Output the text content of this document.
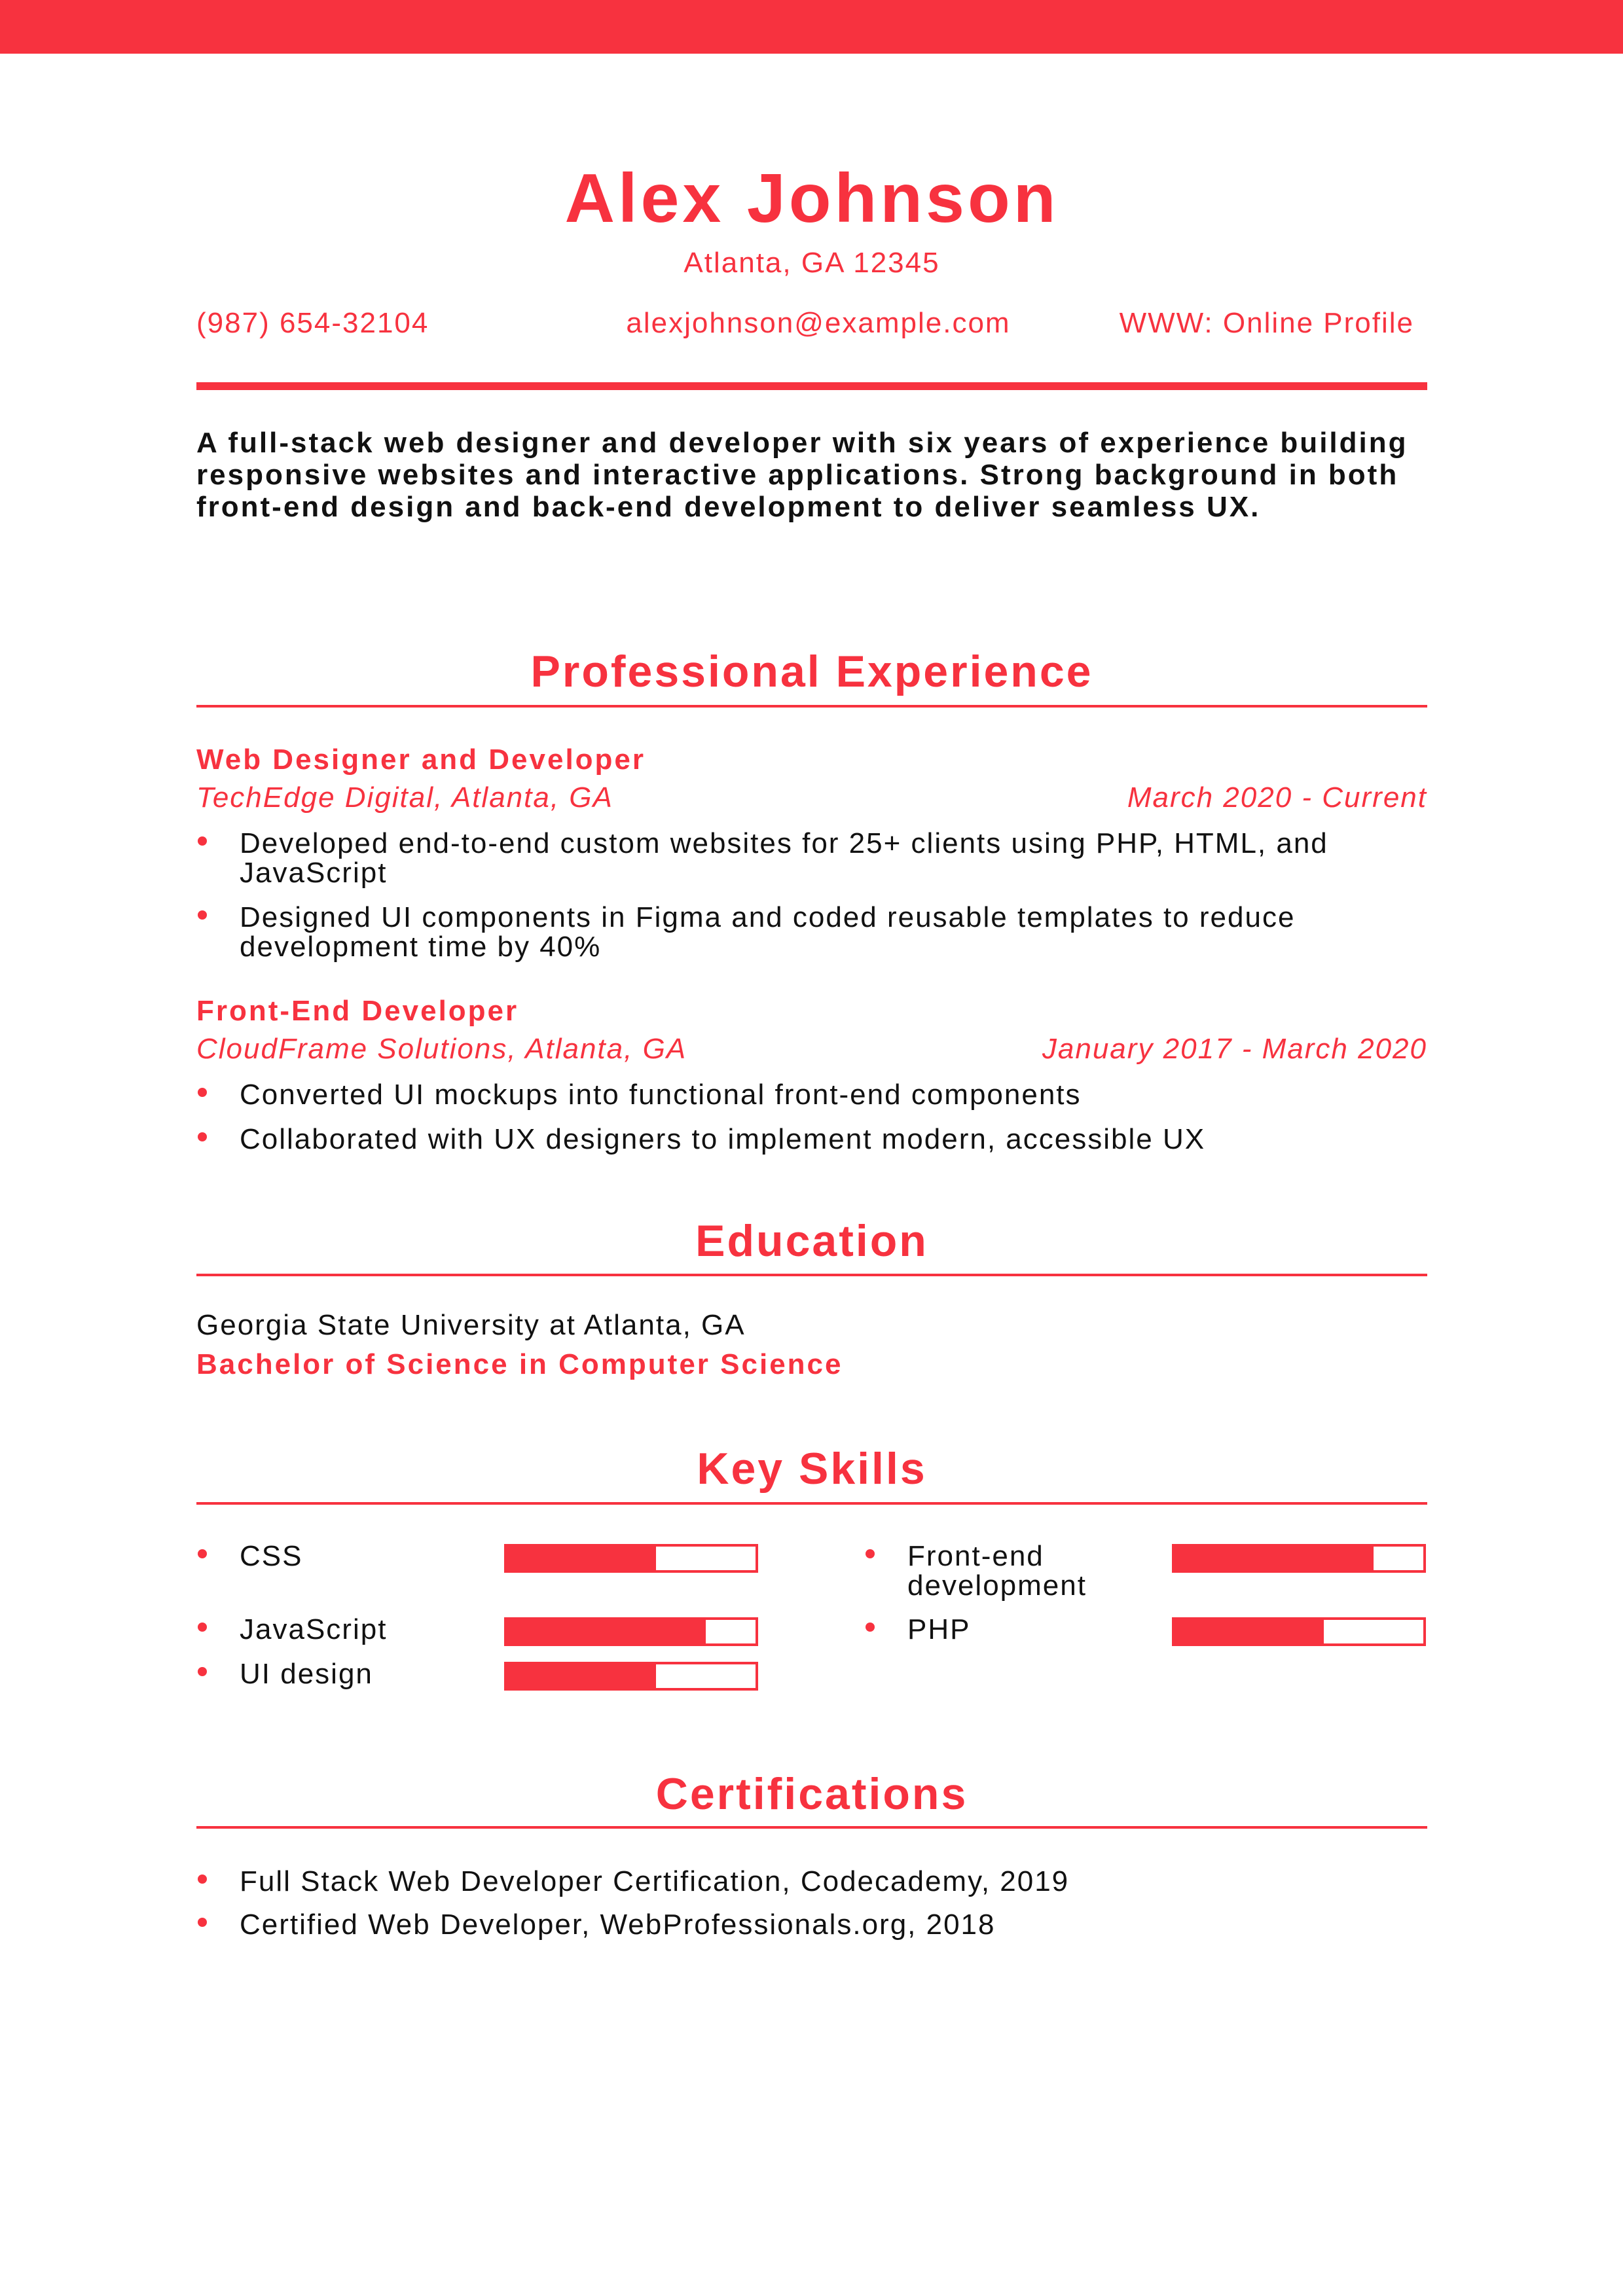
Alex Johnson
Atlanta, GA 12345
(987) 654-32104	alexjohnson@example.com	WWW: Online Profile
A full-stack web designer and developer with six years of experience building responsive websites and interactive applications. Strong background in both front-end design and back-end development to deliver seamless UX.
Professional Experience
Web Designer and Developer
TechEdge Digital, Atlanta, GA	March 2020 - Current
Developed end-to-end custom websites for 25+ clients using PHP, HTML, and JavaScript
Designed UI components in Figma and coded reusable templates to reduce development time by 40%
Front-End Developer
CloudFrame Solutions, Atlanta, GA	January 2017 - March 2020
Converted UI mockups into functional front-end components
Collaborated with UX designers to implement modern, accessible UX
Education
Georgia State University at Atlanta, GA
Bachelor of Science in Computer Science
Key Skills
CSS	Front-end development
JavaScript	PHP
UI design
Certifications
Full Stack Web Developer Certification, Codecademy, 2019
Certified Web Developer, WebProfessionals.org, 2018
